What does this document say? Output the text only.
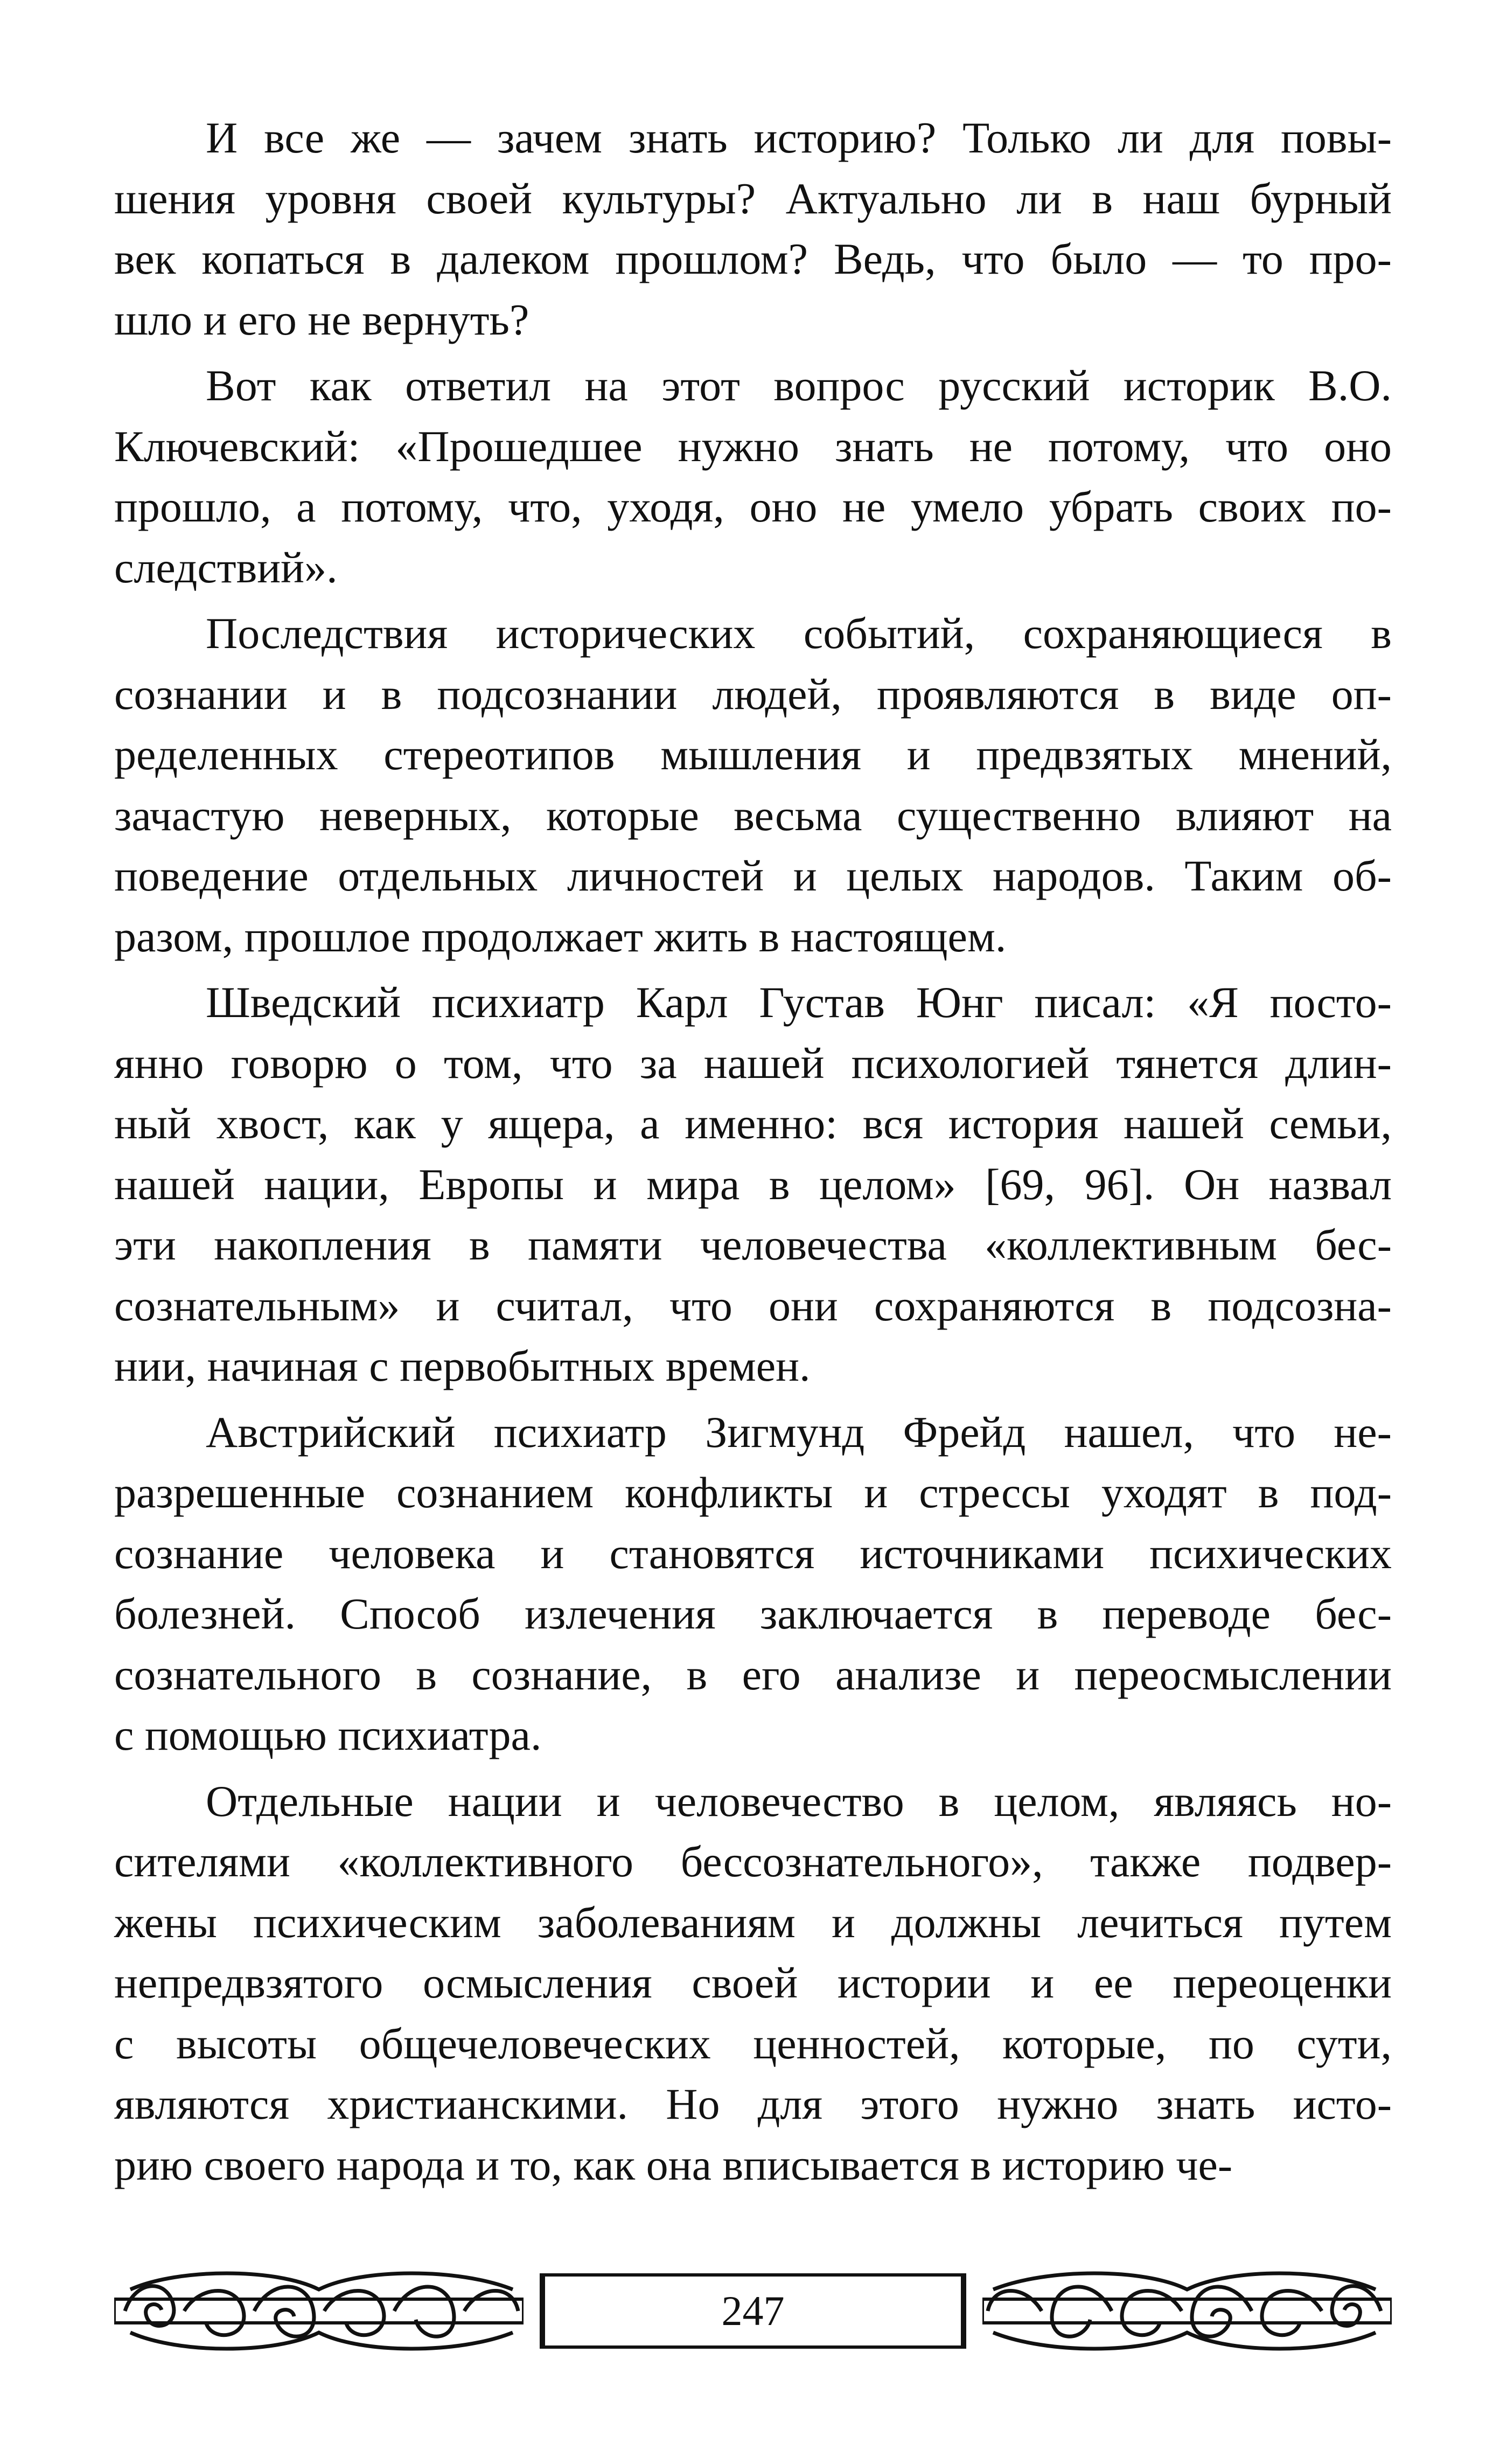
И все же — зачем знать историю? Только ли для повы-
шения уровня своей культуры? Актуально ли в наш бурный
век копаться в далеком прошлом? Ведь, что было — то про-
шло и его не вернуть?
Вот как ответил на этот вопрос русский историк В.О.
Ключевский: «Прошедшее нужно знать не потому, что оно
прошло, а потому, что, уходя, оно не умело убрать своих по-
следствий».
Последствия исторических событий, сохраняющиеся в
сознании и в подсознании людей, проявляются в виде оп-
ределенных стереотипов мышления и предвзятых мнений,
зачастую неверных, которые весьма существенно влияют на
поведение отдельных личностей и целых народов. Таким об-
разом, прошлое продолжает жить в настоящем.
Шведский психиатр Карл Густав Юнг писал: «Я посто-
янно говорю о том, что за нашей психологией тянется длин-
ный хвост, как у ящера, а именно: вся история нашей семьи,
нашей нации, Европы и мира в целом» [69, 96]. Он назвал
эти накопления в памяти человечества «коллективным бес-
сознательным» и считал, что они сохраняются в подсозна-
нии, начиная с первобытных времен.
Австрийский психиатр Зигмунд Фрейд нашел, что не-
разрешенные сознанием конфликты и стрессы уходят в под-
сознание человека и становятся источниками психических
болезней. Способ излечения заключается в переводе бес-
сознательного в сознание, в его анализе и переосмыслении
с помощью психиатра.
Отдельные нации и человечество в целом, являясь но-
сителями «коллективного бессознательного», также подвер-
жены психическим заболеваниям и должны лечиться путем
непредвзятого осмысления своей истории и ее переоценки
с высоты общечеловеческих ценностей, которые, по сути,
являются христианскими. Но для этого нужно знать исто-
рию своего народа и то, как она вписывается в историю че-
247
